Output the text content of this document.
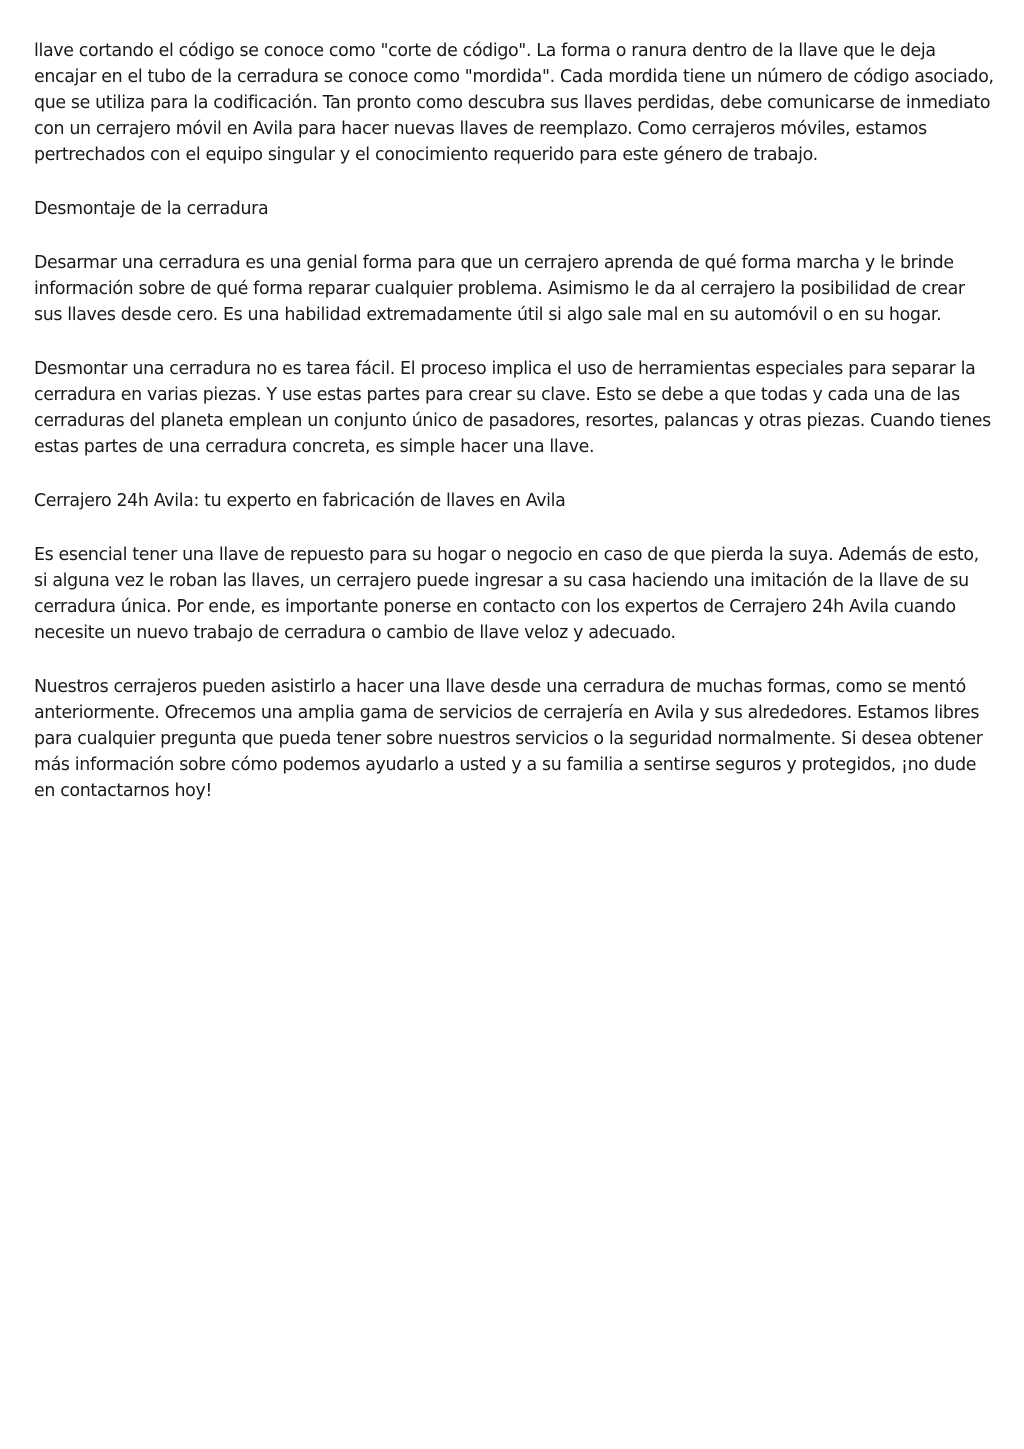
llave cortando el código se conoce como "corte de código". La forma o ranura dentro de la llave que le deja encajar en el tubo de la cerradura se conoce como "mordida". Cada mordida tiene un número de código asociado, que se utiliza para la codificación. Tan pronto como descubra sus llaves perdidas, debe comunicarse de inmediato con un cerrajero móvil en Avila para hacer nuevas llaves de reemplazo. Como cerrajeros móviles, estamos pertrechados con el equipo singular y el conocimiento requerido para este género de trabajo.

Desmontaje de la cerradura

Desarmar una cerradura es una genial forma para que un cerrajero aprenda de qué forma marcha y le brinde información sobre de qué forma reparar cualquier problema. Asimismo le da al cerrajero la posibilidad de crear sus llaves desde cero. Es una habilidad extremadamente útil si algo sale mal en su automóvil o en su hogar.

Desmontar una cerradura no es tarea fácil. El proceso implica el uso de herramientas especiales para separar la cerradura en varias piezas. Y use estas partes para crear su clave. Esto se debe a que todas y cada una de las cerraduras del planeta emplean un conjunto único de pasadores, resortes, palancas y otras piezas. Cuando tienes estas partes de una cerradura concreta, es simple hacer una llave.

Cerrajero 24h Avila: tu experto en fabricación de llaves en Avila

Es esencial tener una llave de repuesto para su hogar o negocio en caso de que pierda la suya. Además de esto, si alguna vez le roban las llaves, un cerrajero puede ingresar a su casa haciendo una imitación de la llave de su cerradura única. Por ende, es importante ponerse en contacto con los expertos de Cerrajero 24h Avila cuando necesite un nuevo trabajo de cerradura o cambio de llave veloz y adecuado.

Nuestros cerrajeros pueden asistirlo a hacer una llave desde una cerradura de muchas formas, como se mentó anteriormente. Ofrecemos una amplia gama de servicios de cerrajería en Avila y sus alrededores. Estamos libres para cualquier pregunta que pueda tener sobre nuestros servicios o la seguridad normalmente. Si desea obtener más información sobre cómo podemos ayudarlo a usted y a su familia a sentirse seguros y protegidos, ¡no dude en contactarnos hoy!
